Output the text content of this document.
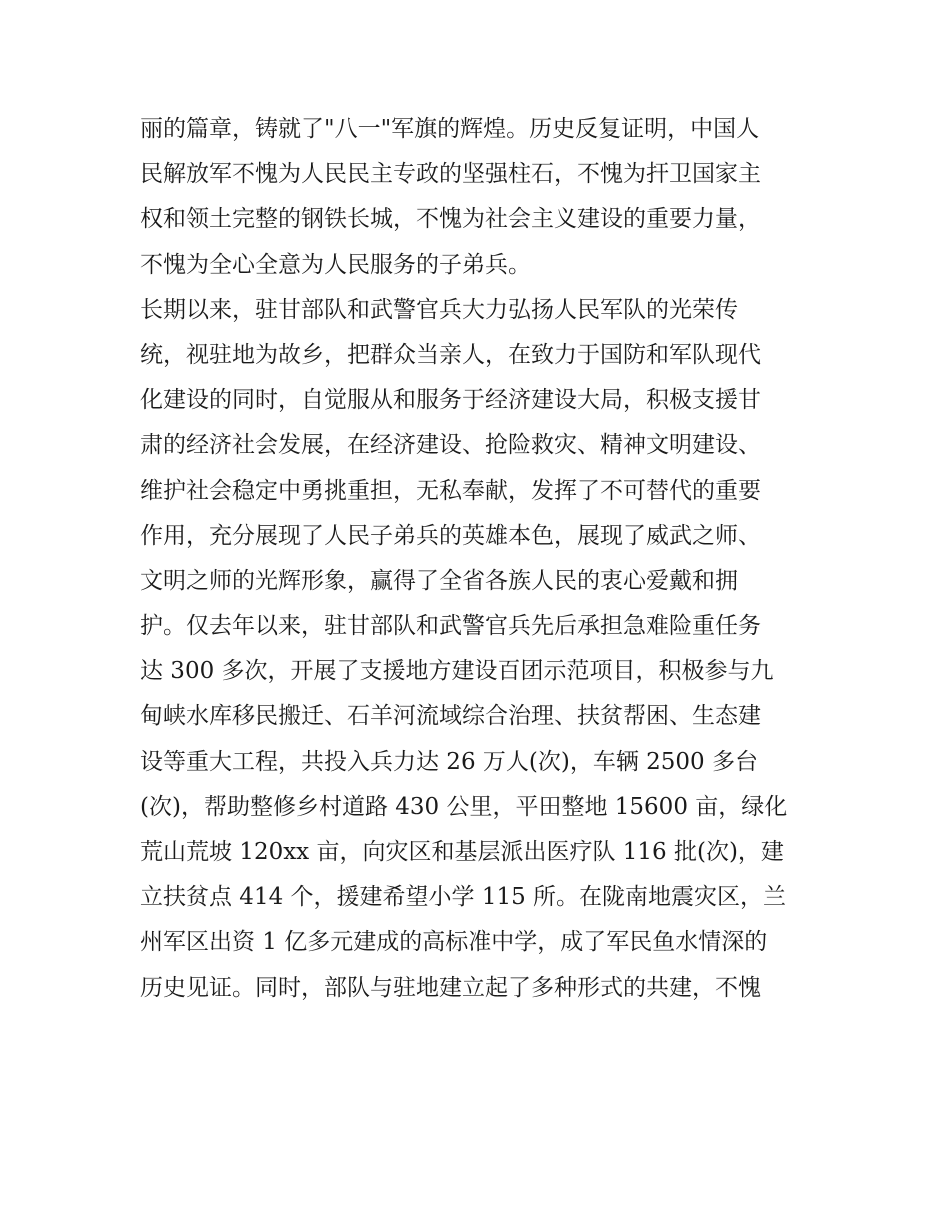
丽的篇章，铸就了"八一"军旗的辉煌。历史反复证明，中国人
民解放军不愧为人民民主专政的坚强柱石，不愧为扞卫国家主
权和领土完整的钢铁长城，不愧为社会主义建设的重要力量，
不愧为全心全意为人民服务的子弟兵。
长期以来，驻甘部队和武警官兵大力弘扬人民军队的光荣传
统，视驻地为故乡，把群众当亲人，在致力于国防和军队现代
化建设的同时，自觉服从和服务于经济建设大局，积极支援甘
肃的经济社会发展，在经济建设、抢险救灾、精神文明建设、
维护社会稳定中勇挑重担，无私奉献，发挥了不可替代的重要
作用，充分展现了人民子弟兵的英雄本色，展现了威武之师、
文明之师的光辉形象，赢得了全省各族人民的衷心爱戴和拥
护。仅去年以来，驻甘部队和武警官兵先后承担急难险重任务
达 300 多次，开展了支援地方建设百团示范项目，积极参与九
甸峡水库移民搬迁、石羊河流域综合治理、扶贫帮困、生态建
设等重大工程，共投入兵力达 26 万人(次)，车辆 2500 多台
(次)，帮助整修乡村道路 430 公里，平田整地 15600 亩，绿化
荒山荒坡 120xx 亩，向灾区和基层派出医疗队 116 批(次)，建
立扶贫点 414 个，援建希望小学 115 所。在陇南地震灾区，兰
州军区出资 1 亿多元建成的高标准中学，成了军民鱼水情深的
历史见证。同时，部队与驻地建立起了多种形式的共建，不愧
